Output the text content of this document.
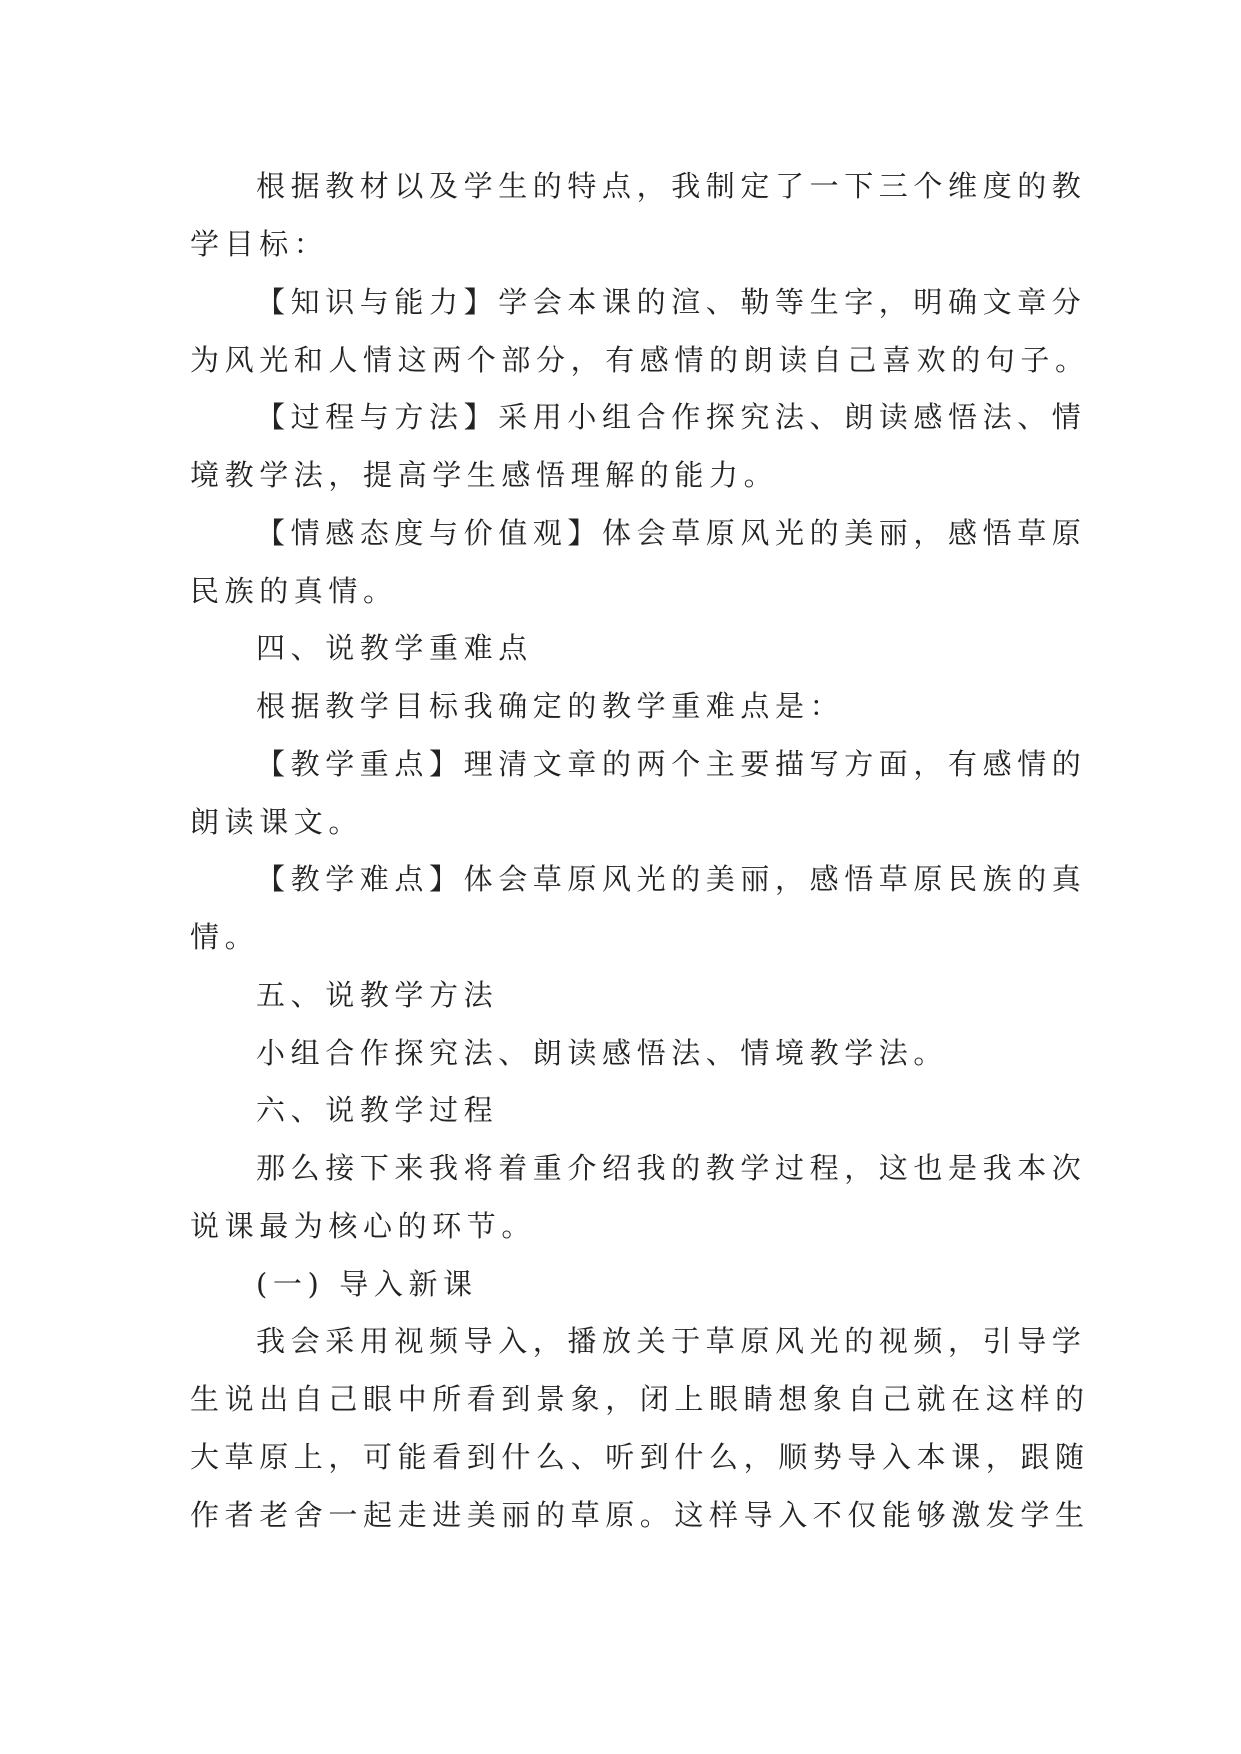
根据教材以及学生的特点，我制定了一下三个维度的教
学目标：
【知识与能力】学会本课的渲、勒等生字，明确文章分
为风光和人情这两个部分，有感情的朗读自己喜欢的句子。
【过程与方法】采用小组合作探究法、朗读感悟法、情
境教学法，提高学生感悟理解的能力。
【情感态度与价值观】体会草原风光的美丽，感悟草原
民族的真情。
四、说教学重难点
根据教学目标我确定的教学重难点是：
【教学重点】理清文章的两个主要描写方面，有感情的
朗读课文。
【教学难点】体会草原风光的美丽，感悟草原民族的真
情。
五、说教学方法
小组合作探究法、朗读感悟法、情境教学法。
六、说教学过程
那么接下来我将着重介绍我的教学过程，这也是我本次
说课最为核心的环节。
(一) 导入新课
我会采用视频导入，播放关于草原风光的视频，引导学
生说出自己眼中所看到景象，闭上眼睛想象自己就在这样的
大草原上，可能看到什么、听到什么，顺势导入本课，跟随
作者老舍一起走进美丽的草原。这样导入不仅能够激发学生
